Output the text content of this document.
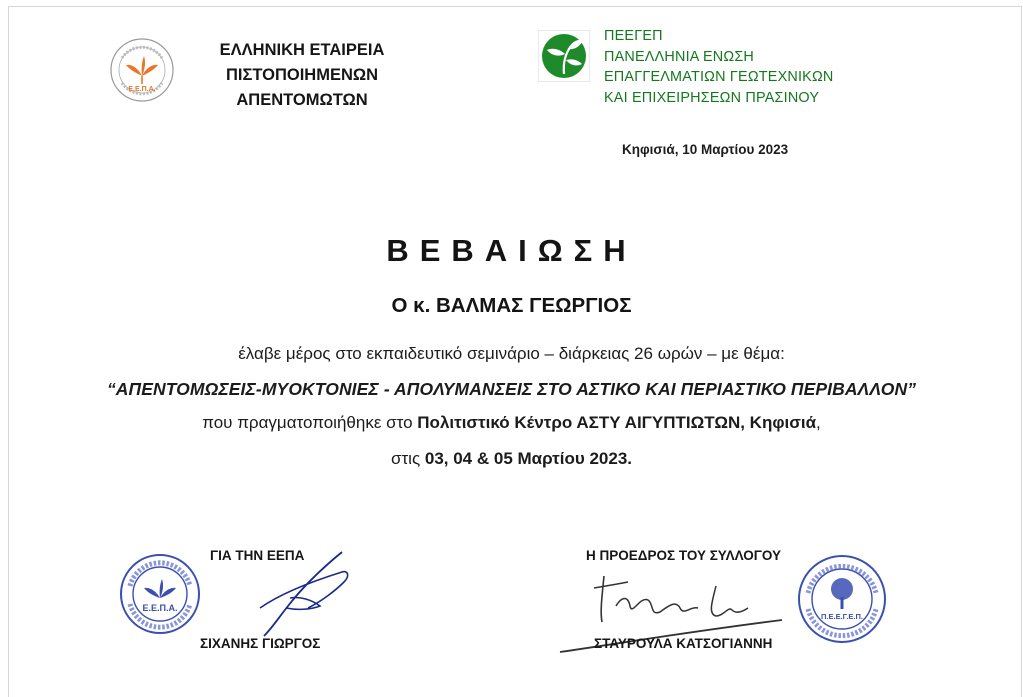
Ε.Ε.Π.Α.
ΕΛΛΗΝΙΚΗ ΕΤΑΙΡΕΙΑ
ΠΙΣΤΟΠΟΙΗΜΕΝΩΝ
ΑΠΕΝΤΟΜΩΤΩΝ
ΠΕΕΓΕΠ
ΠΑΝΕΛΛΗΝΙΑ ΕΝΩΣΗ
ΕΠΑΓΓΕΛΜΑΤΙΩΝ ΓΕΩΤΕΧΝΙΚΩΝ
ΚΑΙ ΕΠΙΧΕΙΡΗΣΕΩΝ ΠΡΑΣΙΝΟΥ
Κηφισιά, 10 Μαρτίου 2023
ΒΕΒΑΙΩΣΗ
Ο κ. ΒΑΛΜΑΣ ΓΕΩΡΓΙΟΣ
έλαβε μέρος στο εκπαιδευτικό σεμινάριο – διάρκειας 26 ωρών – με θέμα:
“ΑΠΕΝΤΟΜΩΣΕΙΣ-ΜΥΟΚΤΟΝΙΕΣ - ΑΠΟΛΥΜΑΝΣΕΙΣ ΣΤΟ ΑΣΤΙΚΟ ΚΑΙ ΠΕΡΙΑΣΤΙΚΟ ΠΕΡΙΒΑΛΛΟΝ”
που πραγματοποιήθηκε στο Πολιτιστικό Κέντρο ΑΣΤΥ ΑΙΓΥΠΤΙΩΤΩΝ, Κηφισιά,
στις 03, 04 & 05 Μαρτίου 2023.
ΓΙΑ ΤΗΝ ΕΕΠΑ
Ε.Ε.Π.Α.
ΣΙΧΑΝΗΣ ΓΙΩΡΓΟΣ
Η ΠΡΟΕΔΡΟΣ ΤΟΥ ΣΥΛΛΟΓΟΥ
Π.Ε.Ε.Γ.Ε.Π.
ΣΤΑΥΡΟΥΛΑ ΚΑΤΣΟΓΙΑΝΝΗ
